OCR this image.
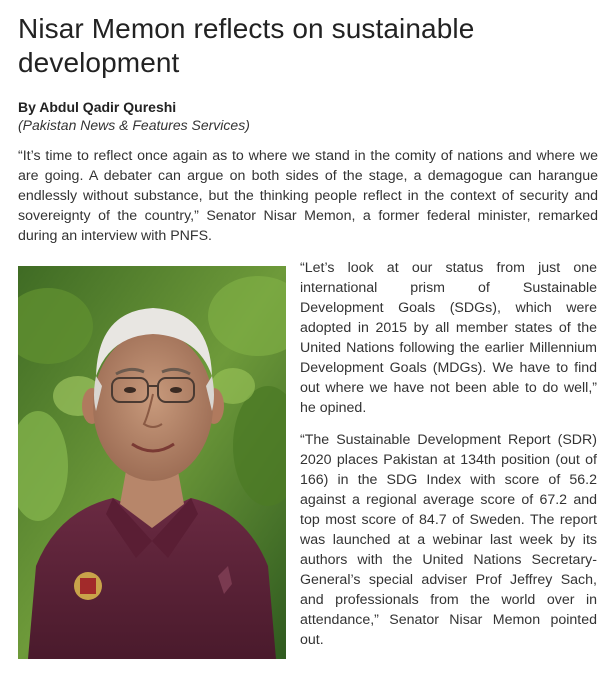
Nisar Memon reflects on sustainable development
By Abdul Qadir Qureshi
(Pakistan News & Features Services)

“It’s time to reflect once again as to where we stand in the comity of nations and where we are going. A debater can argue on both sides of the stage, a demagogue can harangue endlessly without substance, but the thinking people reflect in the context of security and sovereignty of the country,” Senator Nisar Memon, a former federal minister, remarked during an interview with PNFS.

“Let’s look at our status from just one international prism of Sustainable Development Goals (SDGs), which were adopted in 2015 by all member states of the United Nations following the earlier Millennium Development Goals (MDGs). We have to find out where we have not been able to do well,” he opined.

“The Sustainable Development Report (SDR) 2020 places Pakistan at 134th position (out of 166) in the SDG Index with score of 56.2 against a regional average score of 67.2 and top most score of 84.7 of Sweden. The report was launched at a webinar last week by its authors with the United Nations Secretary-General’s special adviser Prof Jeffrey Sach, and professionals from the world over in attendance,” Senator Nisar Memon pointed out.
